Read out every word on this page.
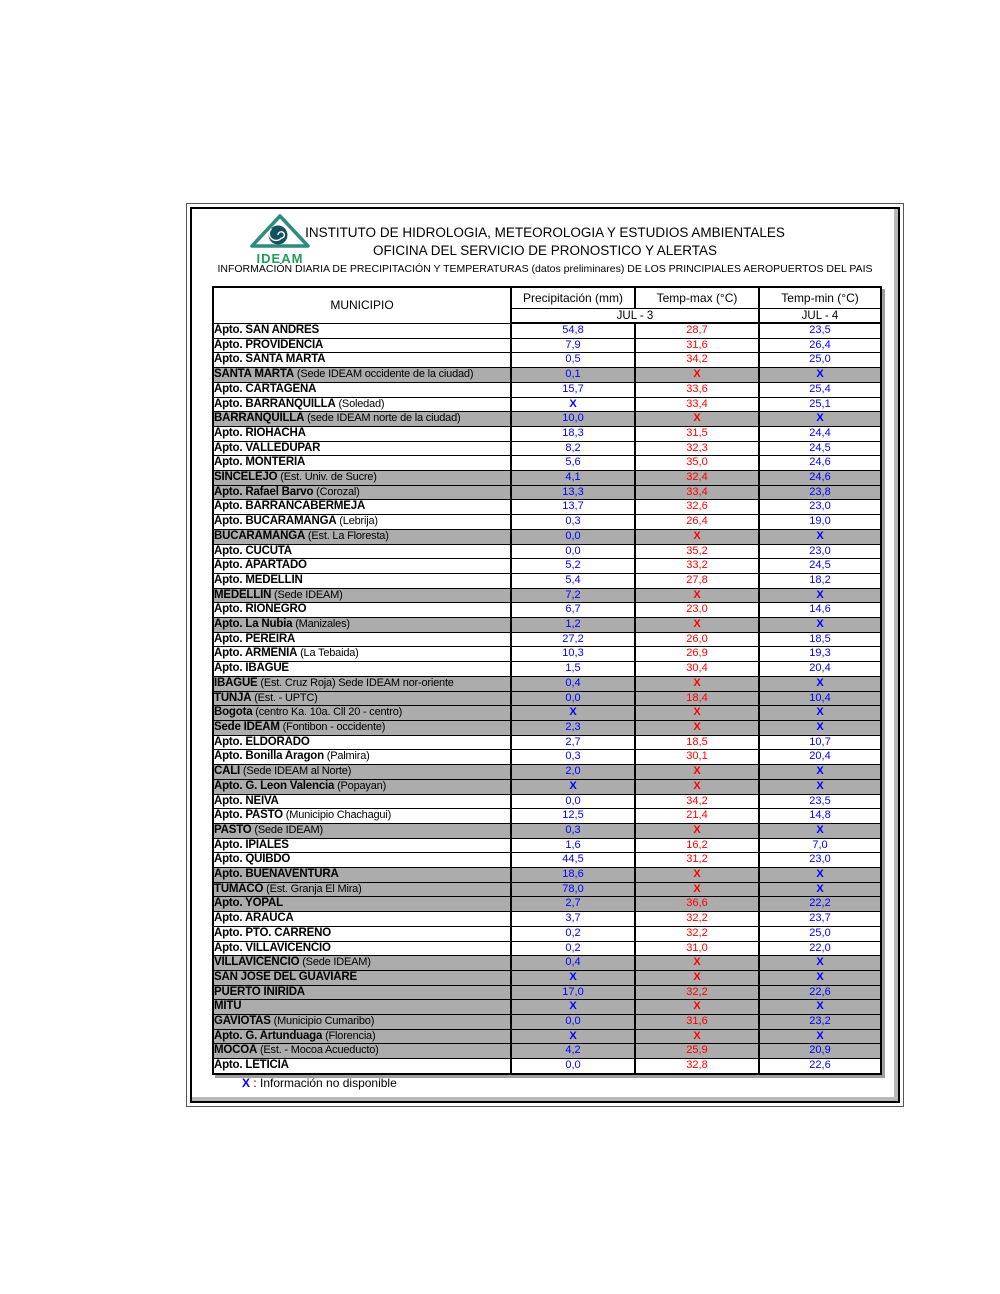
IDEAM
INSTITUTO DE HIDROLOGIA, METEOROLOGIA Y ESTUDIOS AMBIENTALES
OFICINA DEL SERVICIO DE PRONOSTICO Y ALERTAS
INFORMACIÓN DIARIA DE PRECIPITACIÓN Y TEMPERATURAS (datos preliminares) DE LOS PRINCIPIALES AEROPUERTOS DEL PAIS
MUNICIPIO	Precipitación (mm)	Temp-max (°C)	Temp-min (°C)
	JUL - 3		JUL - 4
Apto. SAN ANDRES	54,8	28,7	23,5
Apto. PROVIDENCIA	7,9	31,6	26,4
Apto. SANTA MARTA	0,5	34,2	25,0
SANTA MARTA (Sede IDEAM occidente de la ciudad)	0,1	X	X
Apto. CARTAGENA	15,7	33,6	25,4
Apto. BARRANQUILLA (Soledad)	X	33,4	25,1
BARRANQUILLA (sede IDEAM norte de la ciudad)	10,0	X	X
Apto. RIOHACHA	18,3	31,5	24,4
Apto. VALLEDUPAR	8,2	32,3	24,5
Apto. MONTERIA	5,6	35,0	24,6
SINCELEJO (Est. Univ. de Sucre)	4,1	32,4	24,6
Apto. Rafael Barvo (Corozal)	13,3	33,4	23,8
Apto. BARRANCABERMEJA	13,7	32,6	23,0
Apto. BUCARAMANGA (Lebrija)	0,3	26,4	19,0
BUCARAMANGA (Est. La Floresta)	0,0	X	X
Apto. CUCUTA	0,0	35,2	23,0
Apto. APARTADO	5,2	33,2	24,5
Apto. MEDELLIN	5,4	27,8	18,2
MEDELLIN (Sede IDEAM)	7,2	X	X
Apto. RIONEGRO	6,7	23,0	14,6
Apto. La Nubia (Manizales)	1,2	X	X
Apto. PEREIRA	27,2	26,0	18,5
Apto. ARMENIA (La Tebaida)	10,3	26,9	19,3
Apto. IBAGUE	1,5	30,4	20,4
IBAGUE (Est. Cruz Roja) Sede IDEAM nor-oriente	0,4	X	X
TUNJA (Est. - UPTC)	0,0	18,4	10,4
Bogota (centro Ka. 10a. Cll 20 - centro)	X	X	X
Sede IDEAM (Fontibon - occidente)	2,3	X	X
Apto. ELDORADO	2,7	18,5	10,7
Apto. Bonilla Aragon (Palmira)	0,3	30,1	20,4
CALI (Sede IDEAM al Norte)	2,0	X	X
Apto. G. Leon Valencia (Popayan)	X	X	X
Apto. NEIVA	0,0	34,2	23,5
Apto. PASTO (Municipio Chachagui)	12,5	21,4	14,8
PASTO (Sede IDEAM)	0,3	X	X
Apto. IPIALES	1,6	16,2	7,0
Apto. QUIBDO	44,5	31,2	23,0
Apto. BUENAVENTURA	18,6	X	X
TUMACO (Est. Granja El Mira)	78,0	X	X
Apto. YOPAL	2,7	36,6	22,2
Apto. ARAUCA	3,7	32,2	23,7
Apto. PTO. CARREÑO	0,2	32,2	25,0
Apto. VILLAVICENCIO	0,2	31,0	22,0
VILLAVICENCIO (Sede IDEAM)	0,4	X	X
SAN JOSE DEL GUAVIARE	X	X	X
PUERTO INIRIDA	17,0	32,2	22,6
MITU	X	X	X
GAVIOTAS (Municipio Cumaribo)	0,0	31,6	23,2
Apto. G. Artunduaga (Florencia)	X	X	X
MOCOA (Est. - Mocoa Acueducto)	4,2	25,9	20,9
Apto. LETICIA	0,0	32,8	22,6
X : Información no disponible
